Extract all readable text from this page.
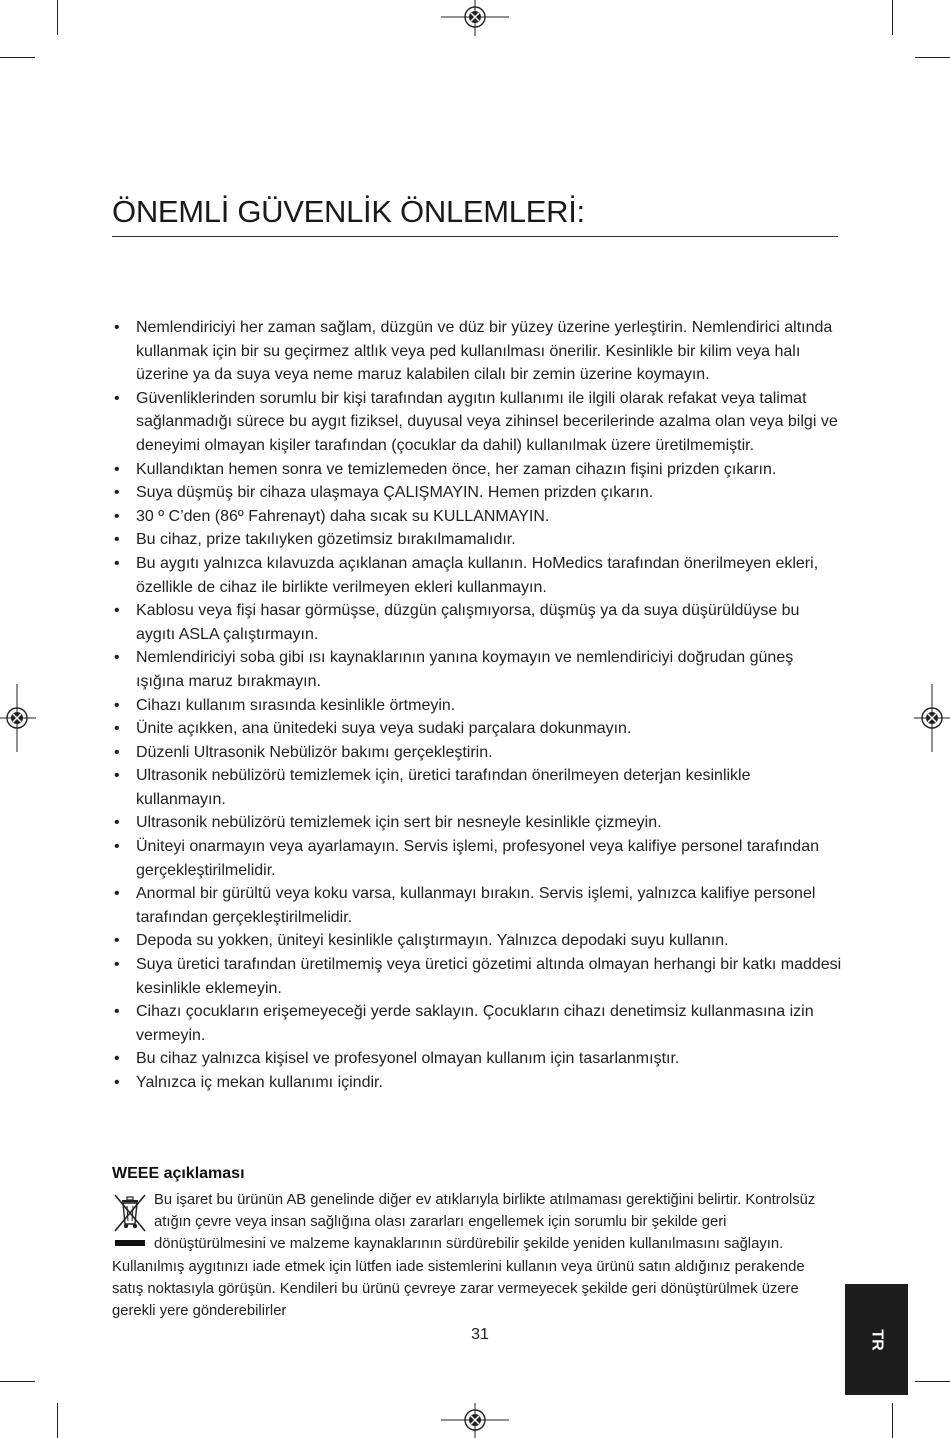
ÖNEMLİ GÜVENLİK ÖNLEMLERİ:
• Nemlendiriciyi her zaman sağlam, düzgün ve düz bir yüzey üzerine yerleştirin. Nemlendirici altında kullanmak için bir su geçirmez altlık veya ped kullanılması önerilir. Kesinlikle bir kilim veya halı üzerine ya da suya veya neme maruz kalabilen cilalı bir zemin üzerine koymayın.
• Güvenliklerinden sorumlu bir kişi tarafından aygıtın kullanımı ile ilgili olarak refakat veya talimat sağlanmadığı sürece bu aygıt fiziksel, duyusal veya zihinsel becerilerinde azalma olan veya bilgi ve deneyimi olmayan kişiler tarafından (çocuklar da dahil) kullanılmak üzere üretilmemiştir.
• Kullandıktan hemen sonra ve temizlemeden önce, her zaman cihazın fişini prizden çıkarın.
• Suya düşmüş bir cihaza ulaşmaya ÇALIŞMAYIN. Hemen prizden çıkarın.
• 30 º C’den (86º Fahrenayt) daha sıcak su KULLANMAYIN.
• Bu cihaz, prize takılıyken gözetimsiz bırakılmamalıdır.
• Bu aygıtı yalnızca kılavuzda açıklanan amaçla kullanın. HoMedics tarafından önerilmeyen ekleri, özellikle de cihaz ile birlikte verilmeyen ekleri kullanmayın.
• Kablosu veya fişi hasar görmüşse, düzgün çalışmıyorsa, düşmüş ya da suya düşürüldüyse bu aygıtı ASLA çalıştırmayın.
• Nemlendiriciyi soba gibi ısı kaynaklarının yanına koymayın ve nemlendiriciyi doğrudan güneş ışığına maruz bırakmayın.
• Cihazı kullanım sırasında kesinlikle örtmeyin.
• Ünite açıkken, ana ünitedeki suya veya sudaki parçalara dokunmayın.
• Düzenli Ultrasonik Nebülizör bakımı gerçekleştirin.
• Ultrasonik nebülizörü temizlemek için, üretici tarafından önerilmeyen deterjan kesinlikle kullanmayın.
• Ultrasonik nebülizörü temizlemek için sert bir nesneyle kesinlikle çizmeyin.
• Üniteyi onarmayın veya ayarlamayın. Servis işlemi, profesyonel veya kalifiye personel tarafından gerçekleştirilmelidir.
• Anormal bir gürültü veya koku varsa, kullanmayı bırakın. Servis işlemi, yalnızca kalifiye personel tarafından gerçekleştirilmelidir.
• Depoda su yokken, üniteyi kesinlikle çalıştırmayın. Yalnızca depodaki suyu kullanın.
• Suya üretici tarafından üretilmemiş veya üretici gözetimi altında olmayan herhangi bir katkı maddesi kesinlikle eklemeyin.
• Cihazı çocukların erişemeyeceği yerde saklayın. Çocukların cihazı denetimsiz kullanmasına izin vermeyin.
• Bu cihaz yalnızca kişisel ve profesyonel olmayan kullanım için tasarlanmıştır.
• Yalnızca iç mekan kullanımı içindir.
WEEE açıklaması
Bu işaret bu ürünün AB genelinde diğer ev atıklarıyla birlikte atılmaması gerektiğini belirtir. Kontrolsüz atığın çevre veya insan sağlığına olası zararları engellemek için sorumlu bir şekilde geri dönüştürülmesini ve malzeme kaynaklarının sürdürebilir şekilde yeniden kullanılmasını sağlayın. Kullanılmış aygıtınızı iade etmek için lütfen iade sistemlerini kullanın veya ürünü satın aldığınız perakende satış noktasıyla görüşün. Kendileri bu ürünü çevreye zarar vermeyecek şekilde geri dönüştürülmek üzere gerekli yere gönderebilirler
31	TR
